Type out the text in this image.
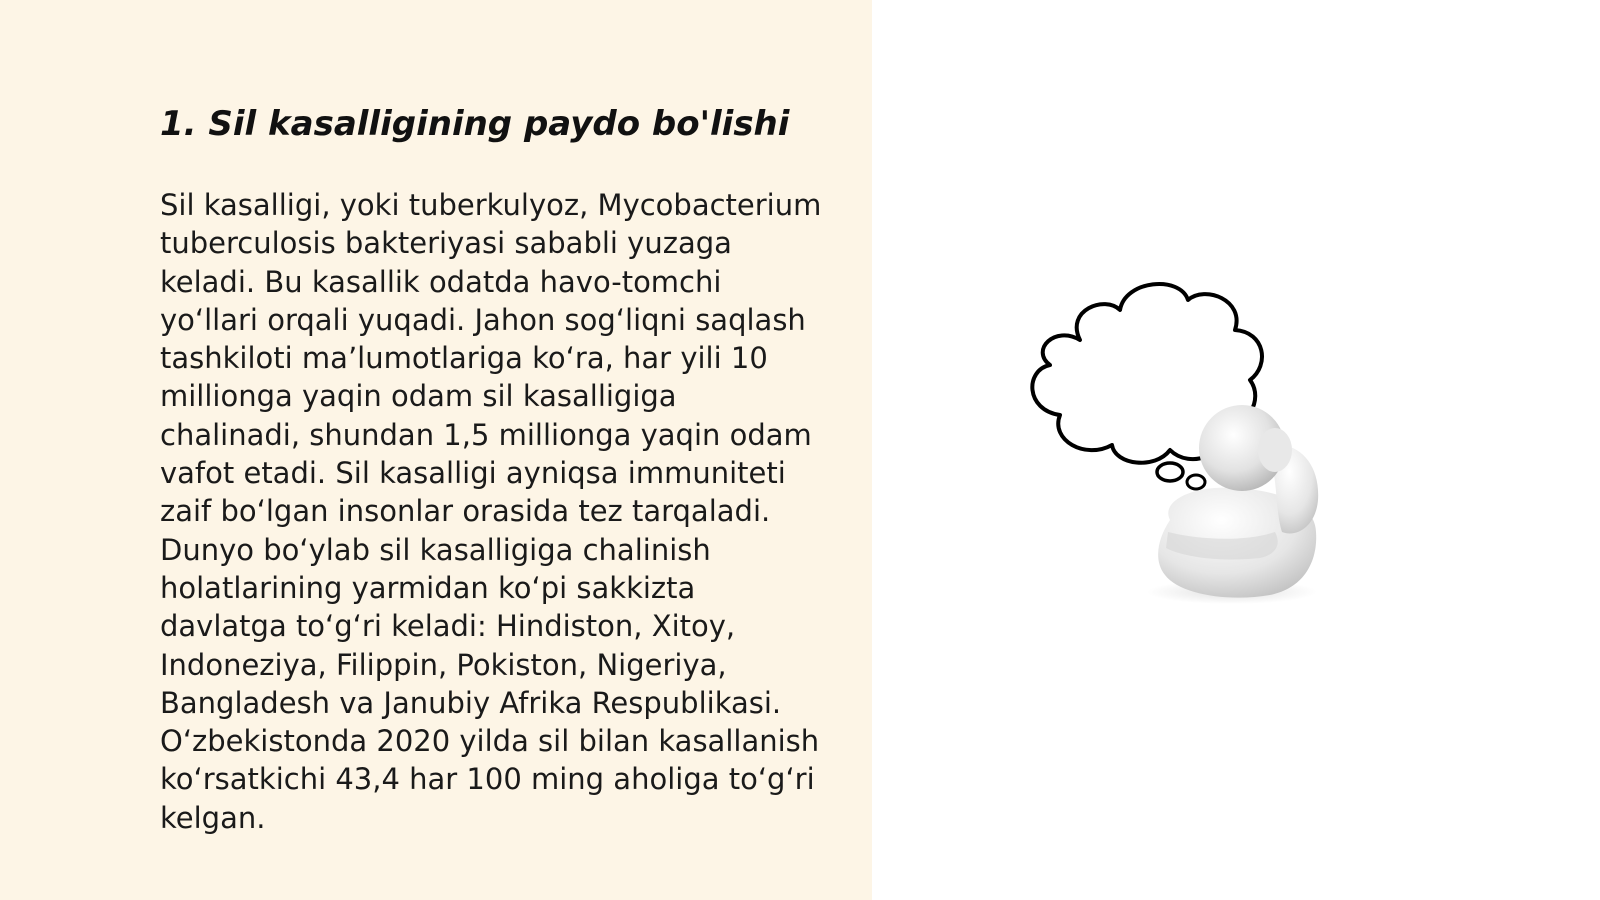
1. Sil kasalligining paydo bo'lishi

Sil kasalligi, yoki tuberkulyoz, Mycobacterium
tuberculosis bakteriyasi sababli yuzaga
keladi. Bu kasallik odatda havo-tomchi
yo‘llari orqali yuqadi. Jahon sog‘liqni saqlash
tashkiloti ma’lumotlariga ko‘ra, har yili 10
millionga yaqin odam sil kasalligiga
chalinadi, shundan 1,5 millionga yaqin odam
vafot etadi. Sil kasalligi ayniqsa immuniteti
zaif bo‘lgan insonlar orasida tez tarqaladi.
Dunyo bo‘ylab sil kasalligiga chalinish
holatlarining yarmidan ko‘pi sakkizta
davlatga to‘g‘ri keladi: Hindiston, Xitoy,
Indoneziya, Filippin, Pokiston, Nigeriya,
Bangladesh va Janubiy Afrika Respublikasi.
O‘zbekistonda 2020 yilda sil bilan kasallanish
ko‘rsatkichi 43,4 har 100 ming aholiga to‘g‘ri
kelgan.
